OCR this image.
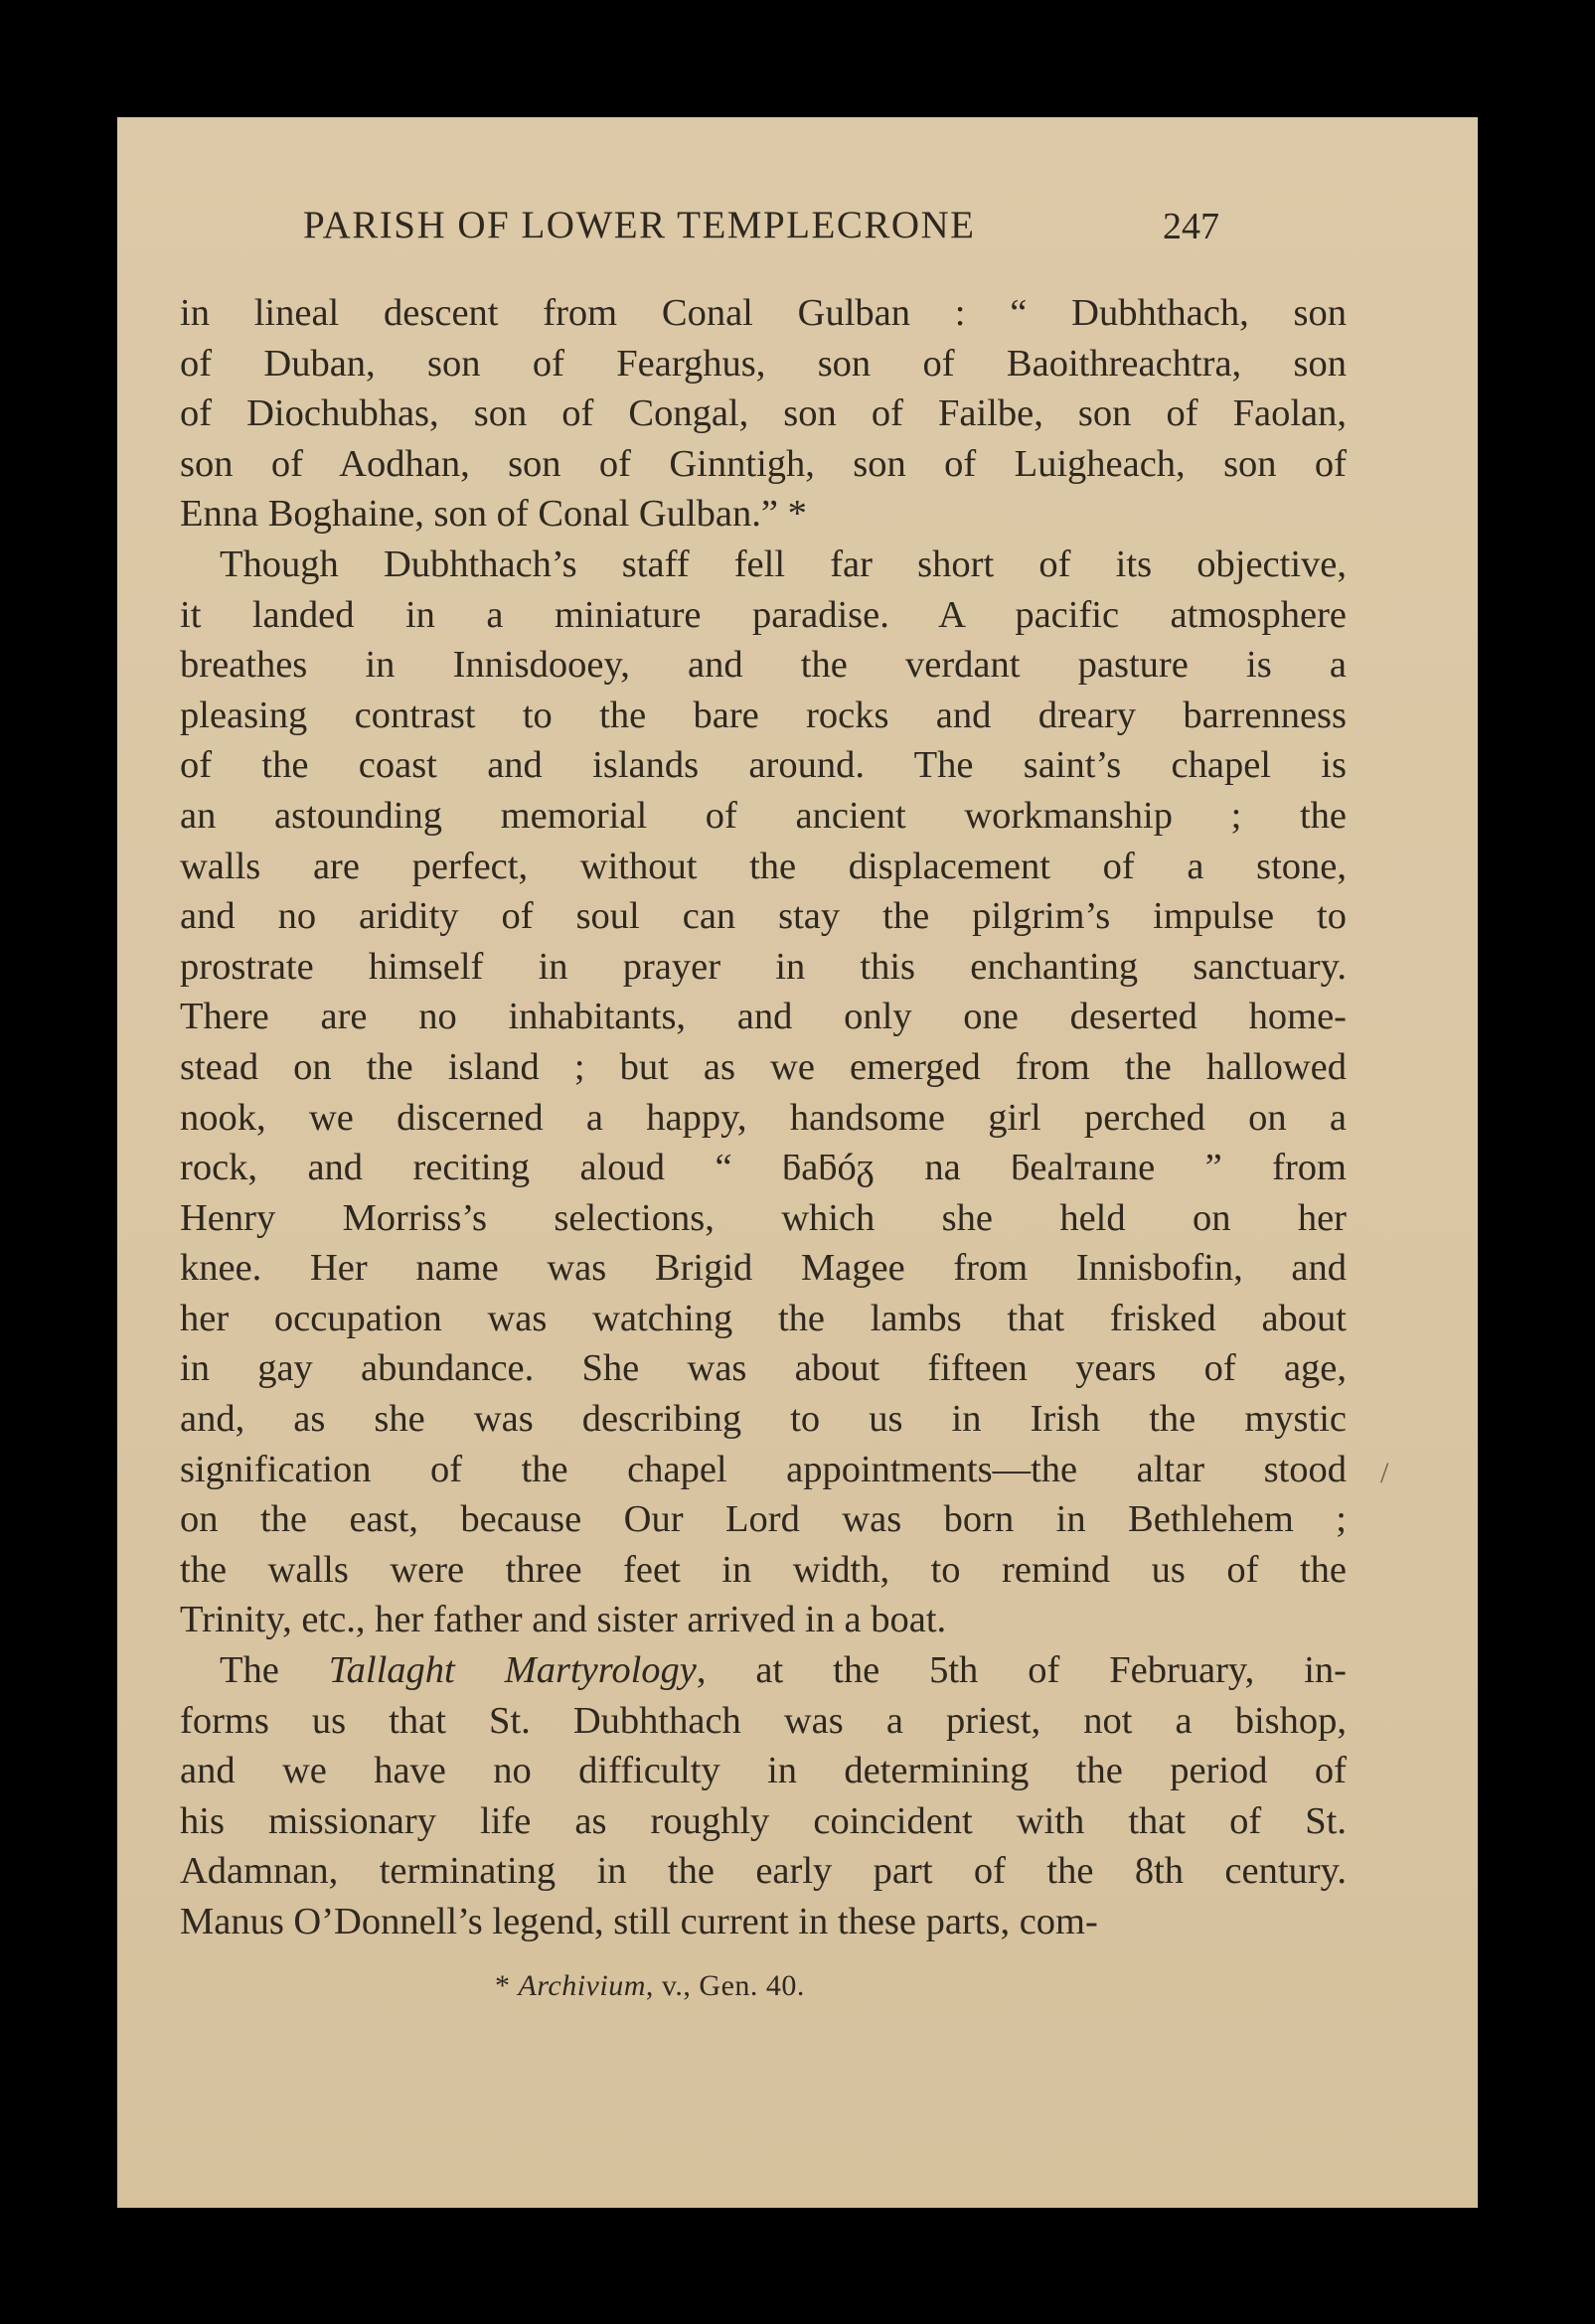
PARISH OF LOWER TEMPLECRONE	247
in lineal descent from Conal Gulban : “ Dubhthach, son
of Duban, son of Fearghus, son of Baoithreachtra, son
of Diochubhas, son of Congal, son of Failbe, son of Faolan,
son of Aodhan, son of Ginntigh, son of Luigheach, son of
Enna Boghaine, son of Conal Gulban.” *
Though Dubhthach’s staff fell far short of its objective,
it landed in a miniature paradise. A pacific atmosphere
breathes in Innisdooey, and the verdant pasture is a
pleasing contrast to the bare rocks and dreary barrenness
of the coast and islands around. The saint’s chapel is
an astounding memorial of ancient workmanship ; the
walls are perfect, without the displacement of a stone,
and no aridity of soul can stay the pilgrim’s impulse to
prostrate himself in prayer in this enchanting sanctuary.
There are no inhabitants, and only one deserted home-
stead on the island ; but as we emerged from the hallowed
nook, we discerned a happy, handsome girl perched on a
rock, and reciting aloud “ ƃaƃóᵹ na ƃealᴛaıne ” from
Henry Morriss’s selections, which she held on her
knee. Her name was Brigid Magee from Innisbofin, and
her occupation was watching the lambs that frisked about
in gay abundance. She was about fifteen years of age,
and, as she was describing to us in Irish the mystic
signification of the chapel appointments—the altar stood
on the east, because Our Lord was born in Bethlehem ;
the walls were three feet in width, to remind us of the
Trinity, etc., her father and sister arrived in a boat.
The Tallaght Martyrology, at the 5th of February, in-
forms us that St. Dubhthach was a priest, not a bishop,
and we have no difficulty in determining the period of
his missionary life as roughly coincident with that of St.
Adamnan, terminating in the early part of the 8th century.
Manus O’Donnell’s legend, still current in these parts, com-
* Archivium, v., Gen. 40.
/
